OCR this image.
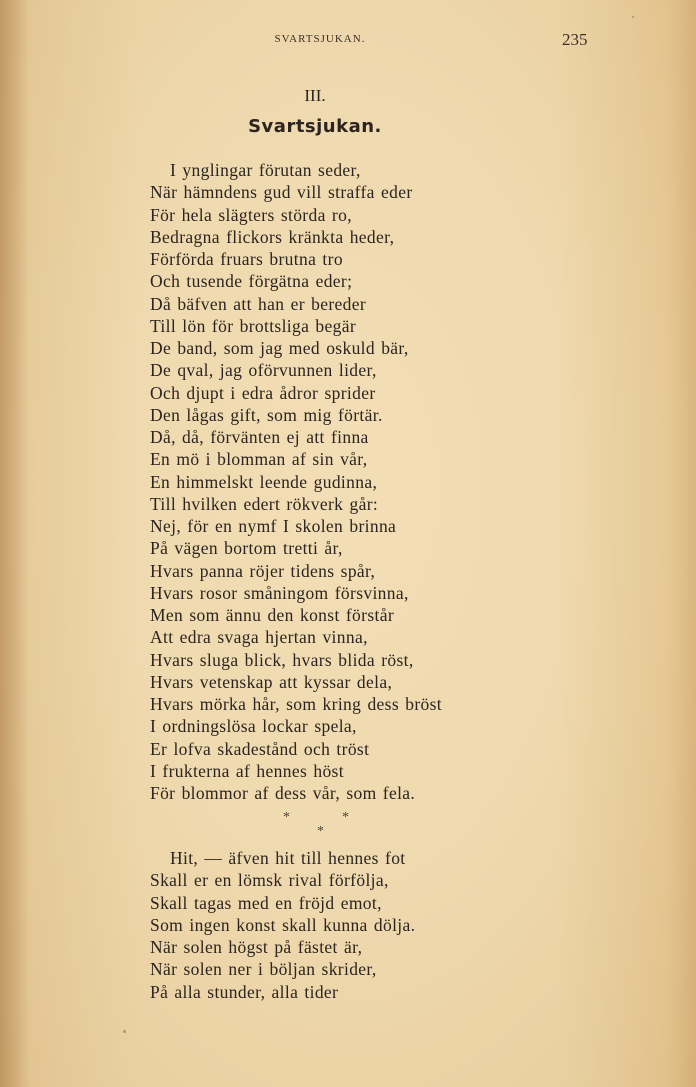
SVARTSJUKAN.	235
III.
Svartsjukan.
I ynglingar förutan seder,
När hämndens gud vill straffa eder
För hela slägters störda ro,
Bedragna flickors kränkta heder,
Förförda fruars brutna tro
Och tusende förgätna eder;
Då bäfven att han er bereder
Till lön för brottsliga begär
De band, som jag med oskuld bär,
De qval, jag oförvunnen lider,
Och djupt i edra ådror sprider
Den lågas gift, som mig förtär.
Då, då, förvänten ej att finna
En mö i blomman af sin vår,
En himmelskt leende gudinna,
Till hvilken edert rökverk går:
Nej, för en nymf I skolen brinna
På vägen bortom tretti år,
Hvars panna röjer tidens spår,
Hvars rosor småningom försvinna,
Men som ännu den konst förstår
Att edra svaga hjertan vinna,
Hvars sluga blick, hvars blida röst,
Hvars vetenskap att kyssar dela,
Hvars mörka hår, som kring dess bröst
I ordningslösa lockar spela,
Er lofva skadestånd och tröst
I frukterna af hennes höst
För blommor af dess vår, som fela.
*	*
*
Hit, — äfven hit till hennes fot
Skall er en lömsk rival förfölja,
Skall tagas med en fröjd emot,
Som ingen konst skall kunna dölja.
När solen högst på fästet är,
När solen ner i böljan skrider,
På alla stunder, alla tider
